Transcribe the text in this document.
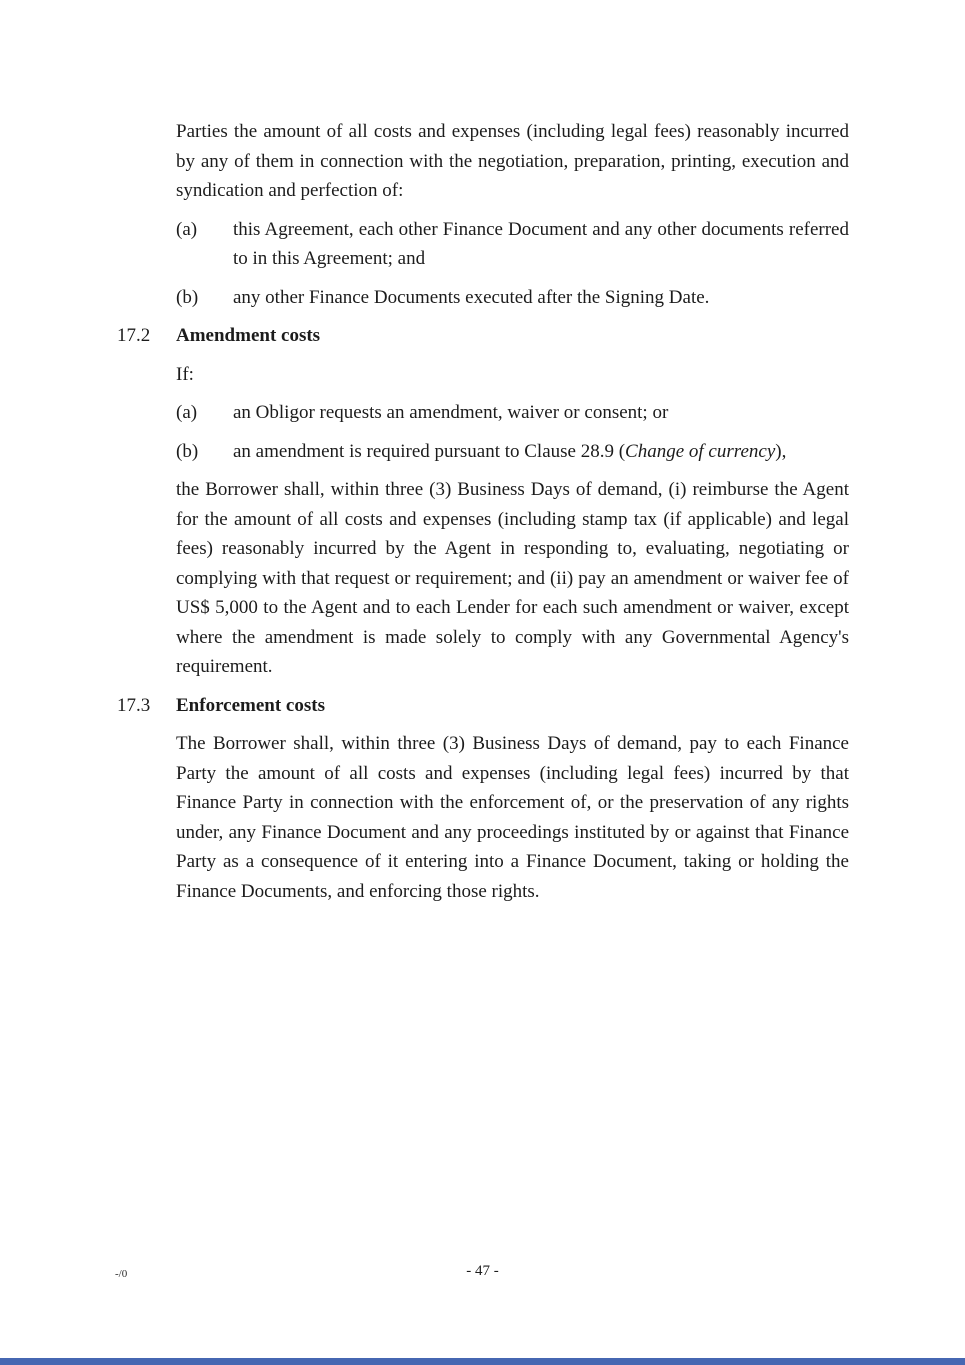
Parties the amount of all costs and expenses (including legal fees) reasonably incurred by any of them in connection with the negotiation, preparation, printing, execution and syndication and perfection of:

(a)	this Agreement, each other Finance Document and any other documents referred to in this Agreement; and
(b)	any other Finance Documents executed after the Signing Date.
17.2	Amendment costs

If:

(a)	an Obligor requests an amendment, waiver or consent; or
(b)	an amendment is required pursuant to Clause 28.9 (Change of currency),

the Borrower shall, within three (3) Business Days of demand, (i) reimburse the Agent for the amount of all costs and expenses (including stamp tax (if applicable) and legal fees) reasonably incurred by the Agent in responding to, evaluating, negotiating or complying with that request or requirement; and (ii) pay an amendment or waiver fee of US$ 5,000 to the Agent and to each Lender for each such amendment or waiver, except where the amendment is made solely to comply with any Governmental Agency's requirement.

17.3	Enforcement costs

The Borrower shall, within three (3) Business Days of demand, pay to each Finance Party the amount of all costs and expenses (including legal fees) incurred by that Finance Party in connection with the enforcement of, or the preservation of any rights under, any Finance Document and any proceedings instituted by or against that Finance Party as a consequence of it entering into a Finance Document, taking or holding the Finance Documents, and enforcing those rights.

-/0	- 47 -
